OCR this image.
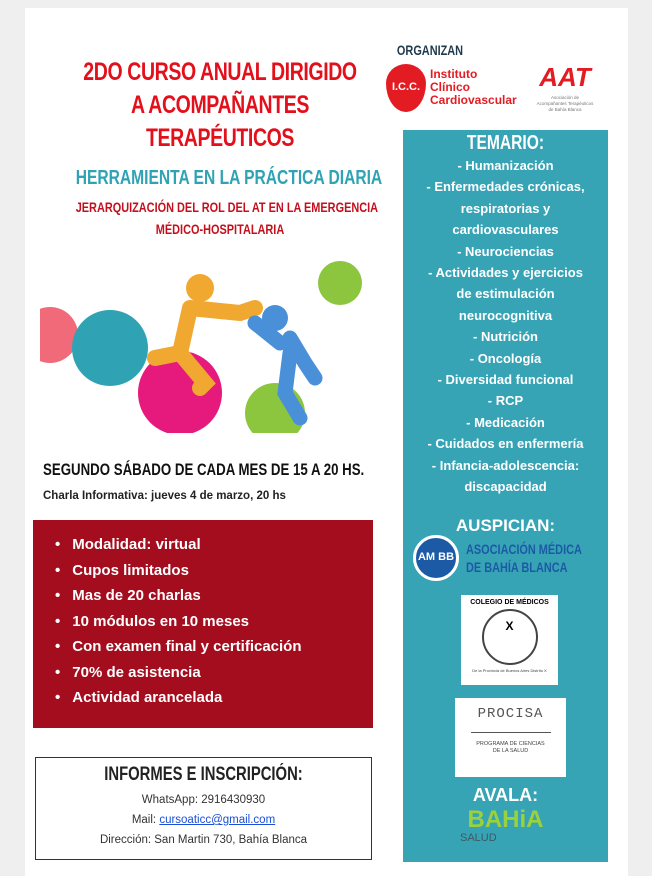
2DO CURSO ANUAL DIRIGIDO
A ACOMPAÑANTES
TERAPÉUTICOS
HERRAMIENTA EN LA PRÁCTICA DIARIA
JERARQUIZACIÓN DEL ROL DEL AT EN LA EMERGENCIA
MÉDICO-HOSPITALARIA
SEGUNDO SÁBADO DE CADA MES DE 15 A 20 HS.
Charla Informativa: jueves 4 de marzo, 20 hs
• Modalidad: virtual
• Cupos limitados
• Mas de 20 charlas
• 10 módulos en 10 meses
• Con examen final y certificación
• 70% de asistencia
• Actividad arancelada
INFORMES E INSCRIPCIÓN:

WhatsApp: 2916430930

Mail: cursoaticc@gmail.com

Dirección: San Martin 730, Bahía Blanca

ORGANIZAN
I.C.C.
Instituto
Clínico
Cardiovascular
AAT
Asociación de
Acompañantes Terapéuticos
de Bahía Blanca
TEMARIO:
- Humanización
- Enfermedades crónicas,
respiratorias y
cardiovasculares
- Neurociencias
- Actividades y ejercicios
de estimulación
neurocognitiva
- Nutrición
- Oncología
- Diversidad funcional
- RCP
- Medicación
- Cuidados en enfermería
- Infancia-adolescencia:
discapacidad
AUSPICIAN:
AM BB ASOCIACIÓN MÉDICA
DE BAHÍA BLANCA
COLEGIO DE MÉDICOS
X
De la Provincia de Buenos Aires Distrito X
PROCISA
PROGRAMA DE CIENCIAS
DE LA SALUD
AVALA:
BAHiA
SALUD
